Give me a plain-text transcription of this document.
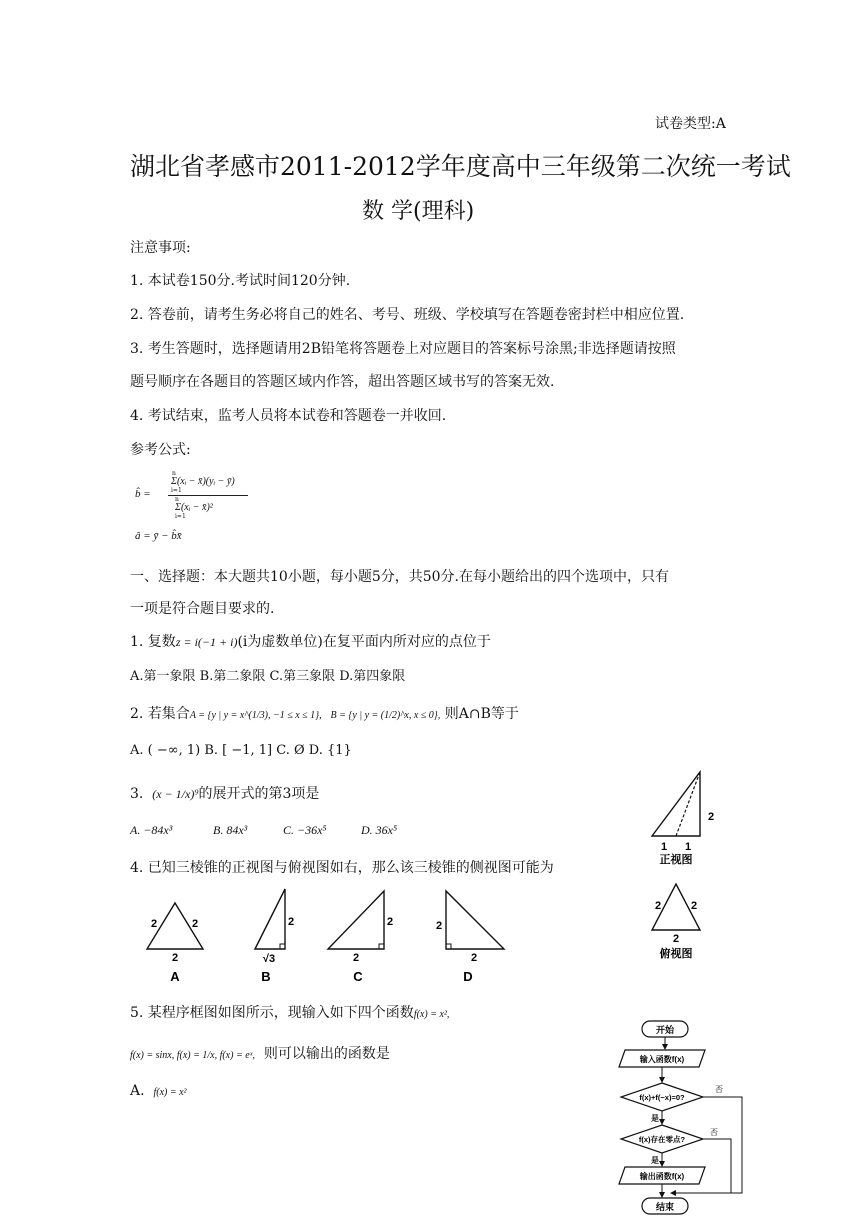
试卷类型:A
湖北省孝感市2011-2012学年度高中三年级第二次统一考试
数 学(理科)
注意事项:
1. 本试卷150分.考试时间120分钟.
2. 答卷前，请考生务必将自己的姓名、考号、班级、学校填写在答题卷密封栏中相应位置.
3. 考生答题时，选择题请用2B铅笔将答题卷上对应题目的答案标号涂黑;非选择题请按照
题号顺序在各题目的答题区域内作答，超出答题区域书写的答案无效.
4. 考试结束，监考人员将本试卷和答题卷一并收回.
参考公式:
b̂ =
n
Σ(xᵢ − x̄)(yᵢ − ȳ)
i=1
n
Σ(xᵢ − x̄)²
i=1
â = ȳ − b̂x̄
一、选择题：本大题共10小题，每小题5分，共50分.在每小题给出的四个选项中，只有
一项是符合题目要求的.
1. 复数z = i(−1 + i)(i为虚数单位)在复平面内所对应的点位于
A.第一象限 B.第二象限 C.第三象限 D.第四象限
2. 若集合A = {y | y = x^(1/3), −1 ≤ x ≤ 1}, B = {y | y = (1/2)^x, x ≤ 0}, 则A∩B等于
A. ( −∞, 1) B. [ −1, 1] C. Ø D. {1}
3. (x − 1/x)⁹的展开式的第3项是
A. −84x³	B. 84x³	C. −36x⁵	D. 36x⁵
4. 已知三棱锥的正视图与俯视图如右，那么该三棱锥的侧视图可能为
1 1
2
正视图
2	2
2
俯视图
2	2
2
A
2
√3
B
2
2
C
2
2
D
5. 某程序框图如图所示，现输入如下四个函数f(x) = x²,
f(x) = sinx, f(x) = 1/x, f(x) = eˣ, 则可以输出的函数是
A. f(x) = x²
开始
输入函数f(x)
f(x)+f(−x)=0?
否
是
f(x)存在零点?
否
是
输出函数f(x)
结束
